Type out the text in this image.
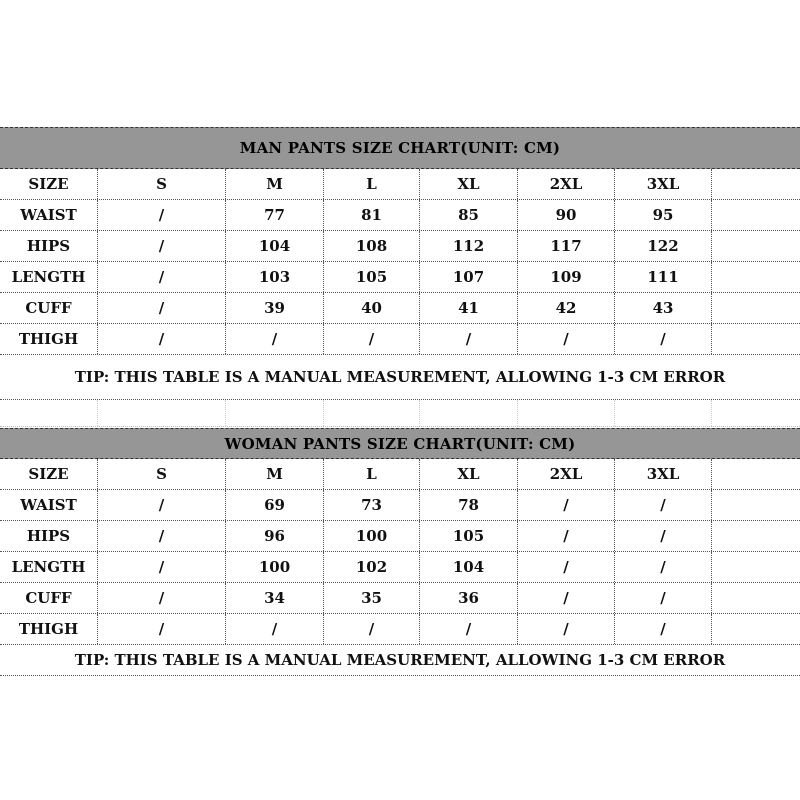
MAN PANTS SIZE CHART(UNIT: CM)
SIZE	S	M	L	XL	2XL	3XL
WAIST	/	77	81	85	90	95
HIPS	/	104	108	112	117	122
LENGTH	/	103	105	107	109	111
CUFF	/	39	40	41	42	43
THIGH	/	/	/	/	/	/
TIP: THIS TABLE IS A MANUAL MEASUREMENT, ALLOWING 1-3 CM ERROR
WOMAN PANTS SIZE CHART(UNIT: CM)
SIZE	S	M	L	XL	2XL	3XL
WAIST	/	69	73	78	/	/
HIPS	/	96	100	105	/	/
LENGTH	/	100	102	104	/	/
CUFF	/	34	35	36	/	/
THIGH	/	/	/	/	/	/
TIP: THIS TABLE IS A MANUAL MEASUREMENT, ALLOWING 1-3 CM ERROR
